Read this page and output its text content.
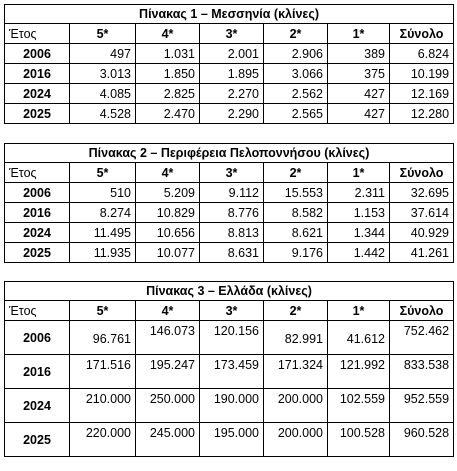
Πίνακας 1 – Μεσσηνία (κλίνες)						
Έτος	5*	4*	3*	2*	1*	Σύνολο
2006	497	1.031	2.001	2.906	389	6.824
2016	3.013	1.850	1.895	3.066	375	10.199
2024	4.085	2.825	2.270	2.562	427	12.169
2025	4.528	2.470	2.290	2.565	427	12.280
Πίνακας 2 – Περιφέρεια Πελοποννήσου (κλίνες)						
Έτος	5*	4*	3*	2*	1*	Σύνολο
2006	510	5.209	9.112	15.553	2.311	32.695
2016	8.274	10.829	8.776	8.582	1.153	37.614
2024	11.495	10.656	8.813	8.621	1.344	40.929
2025	11.935	10.077	8.631	9.176	1.442	41.261
Πίνακας 3 – Ελλάδα (κλίνες)						
Έτος	5*	4*	3*	2*	1*	Σύνολο
2006	96.761	146.073	120.156	82.991	41.612	752.462
2016	171.516	195.247	173.459	171.324	121.992	833.538
2024	210.000	250.000	190.000	200.000	102.559	952.559
2025	220.000	245.000	195.000	200.000	100.528	960.528
